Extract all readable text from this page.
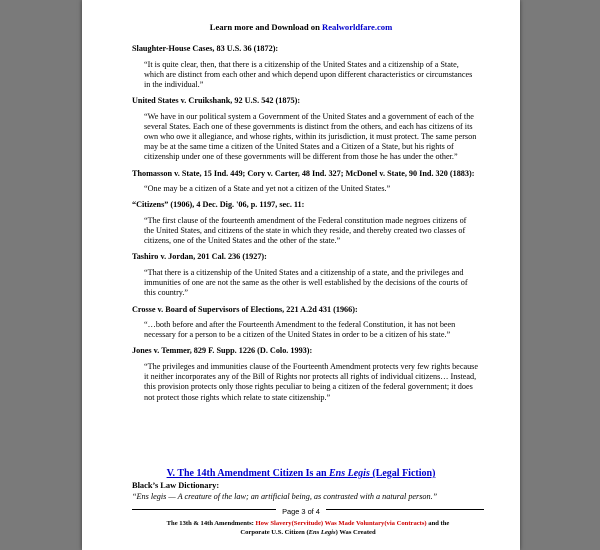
Learn more and Download on Realworldfare.com
Slaughter-House Cases, 83 U.S. 36 (1872):
“It is quite clear, then, that there is a citizenship of the United States and a citizenship of a State, which are distinct from each other and which depend upon different characteristics or circumstances in the individual.”
United States v. Cruikshank, 92 U.S. 542 (1875):
“We have in our political system a Government of the United States and a government of each of the several States. Each one of these governments is distinct from the others, and each has citizens of its own who owe it allegiance, and whose rights, within its jurisdiction, it must protect. The same person may be at the same time a citizen of the United States and a Citizen of a State, but his rights of citizenship under one of these governments will be different from those he has under the other.”
Thomasson v. State, 15 Ind. 449; Cory v. Carter, 48 Ind. 327; McDonel v. State, 90 Ind. 320 (1883):
“One may be a citizen of a State and yet not a citizen of the United States.”
“Citizens” (1906), 4 Dec. Dig. '06, p. 1197, sec. 11:
“The first clause of the fourteenth amendment of the Federal constitution made negroes citizens of the United States, and citizens of the state in which they reside, and thereby created two classes of citizens, one of the United States and the other of the state.”
Tashiro v. Jordan, 201 Cal. 236 (1927):
“That there is a citizenship of the United States and a citizenship of a state, and the privileges and immunities of one are not the same as the other is well established by the decisions of the courts of this country.”
Crosse v. Board of Supervisors of Elections, 221 A.2d 431 (1966):
“…both before and after the Fourteenth Amendment to the federal Constitution, it has not been necessary for a person to be a citizen of the United States in order to be a citizen of his state.”
Jones v. Temmer, 829 F. Supp. 1226 (D. Colo. 1993):
“The privileges and immunities clause of the Fourteenth Amendment protects very few rights because it neither incorporates any of the Bill of Rights nor protects all rights of individual citizens… Instead, this provision protects only those rights peculiar to being a citizen of the federal government; it does not protect those rights which relate to state citizenship.”
V. The 14th Amendment Citizen Is an Ens Legis (Legal Fiction)
Black’s Law Dictionary:
“Ens legis — A creature of the law; an artificial being, as contrasted with a natural person.”
Page 3 of 4
The 13th & 14th Amendments: How Slavery(Servitude) Was Made Voluntary(via Contracts) and the
Corporate U.S. Citizen (Ens Legis) Was Created
